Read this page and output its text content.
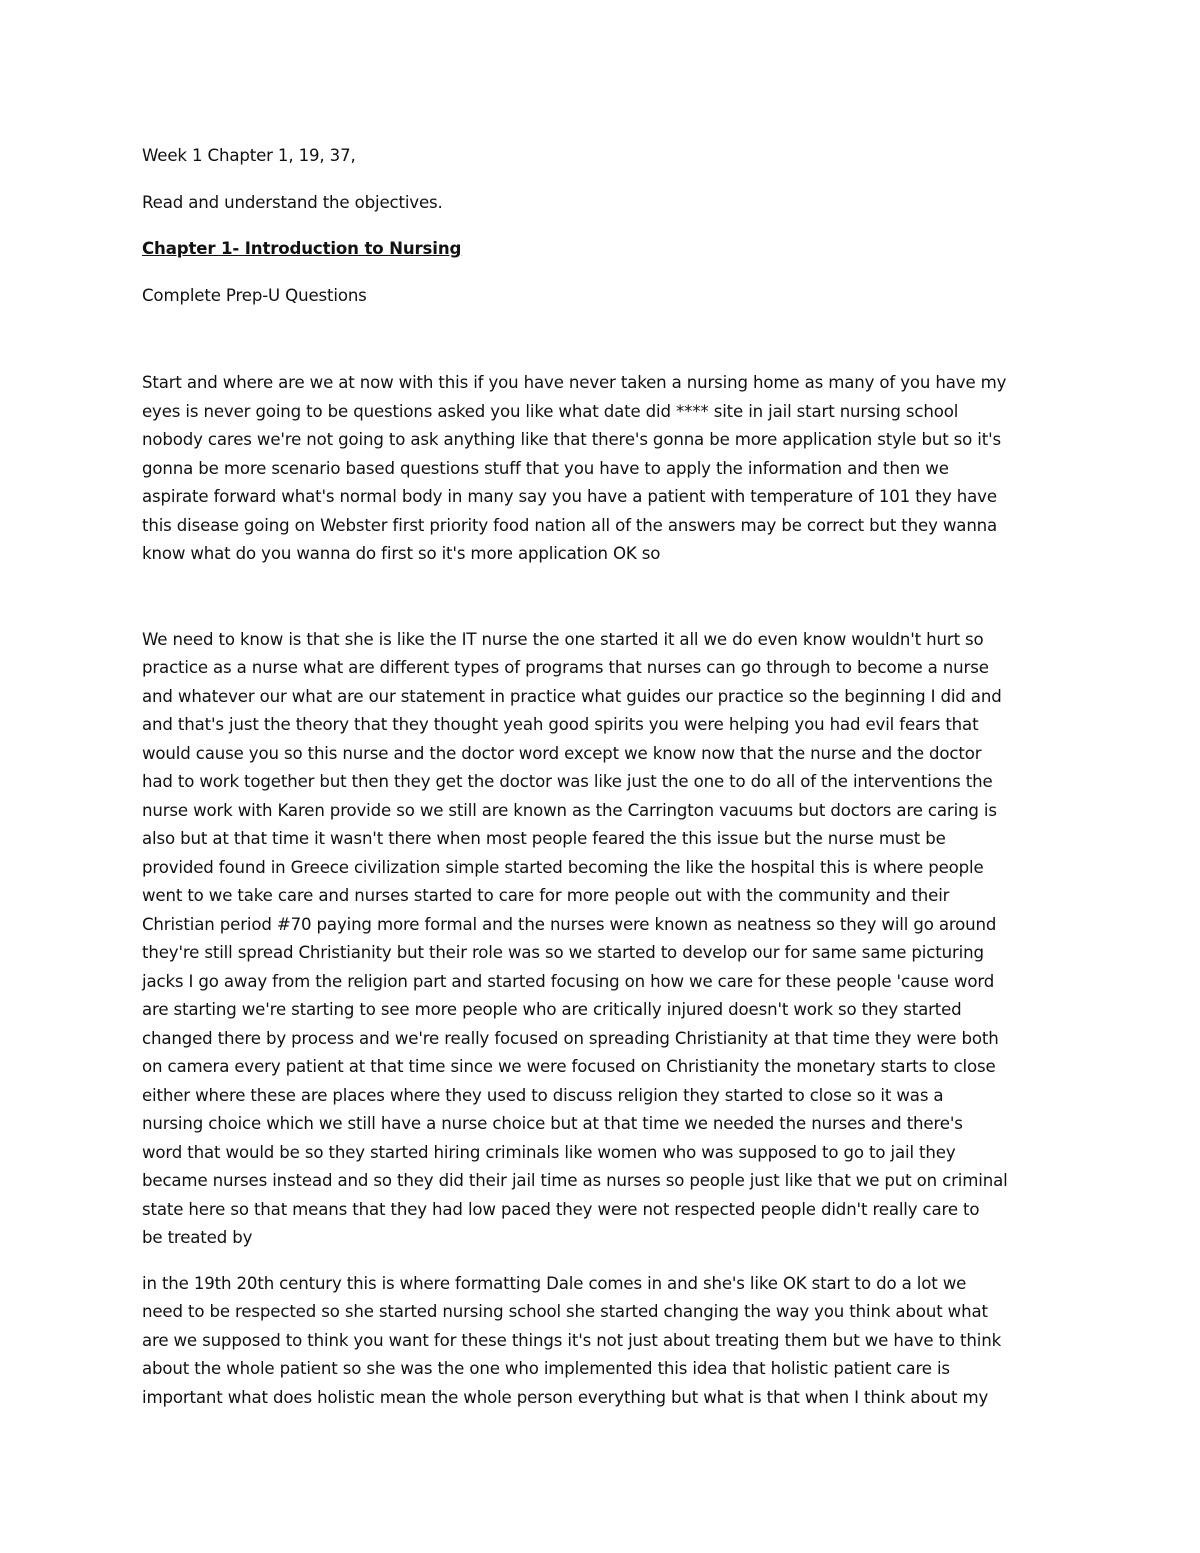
Week 1 Chapter 1, 19, 37,

Read and understand the objectives.

Chapter 1- Introduction to Nursing

Complete Prep-U Questions

Start and where are we at now with this if you have never taken a nursing home as many of you have my

eyes is never going to be questions asked you like what date did **** site in jail start nursing school

nobody cares we're not going to ask anything like that there's gonna be more application style but so it's

gonna be more scenario based questions stuff that you have to apply the information and then we

aspirate forward what's normal body in many say you have a patient with temperature of 101 they have

this disease going on Webster first priority food nation all of the answers may be correct but they wanna

know what do you wanna do first so it's more application OK so

We need to know is that she is like the IT nurse the one started it all we do even know wouldn't hurt so

practice as a nurse what are different types of programs that nurses can go through to become a nurse

and whatever our what are our statement in practice what guides our practice so the beginning I did and

and that's just the theory that they thought yeah good spirits you were helping you had evil fears that

would cause you so this nurse and the doctor word except we know now that the nurse and the doctor

had to work together but then they get the doctor was like just the one to do all of the interventions the

nurse work with Karen provide so we still are known as the Carrington vacuums but doctors are caring is

also but at that time it wasn't there when most people feared the this issue but the nurse must be

provided found in Greece civilization simple started becoming the like the hospital this is where people

went to we take care and nurses started to care for more people out with the community and their

Christian period #70 paying more formal and the nurses were known as neatness so they will go around

they're still spread Christianity but their role was so we started to develop our for same same picturing

jacks I go away from the religion part and started focusing on how we care for these people 'cause word

are starting we're starting to see more people who are critically injured doesn't work so they started

changed there by process and we're really focused on spreading Christianity at that time they were both

on camera every patient at that time since we were focused on Christianity the monetary starts to close

either where these are places where they used to discuss religion they started to close so it was a

nursing choice which we still have a nurse choice but at that time we needed the nurses and there's

word that would be so they started hiring criminals like women who was supposed to go to jail they

became nurses instead and so they did their jail time as nurses so people just like that we put on criminal

state here so that means that they had low paced they were not respected people didn't really care to

be treated by

in the 19th 20th century this is where formatting Dale comes in and she's like OK start to do a lot we

need to be respected so she started nursing school she started changing the way you think about what

are we supposed to think you want for these things it's not just about treating them but we have to think

about the whole patient so she was the one who implemented this idea that holistic patient care is

important what does holistic mean the whole person everything but what is that when I think about my
